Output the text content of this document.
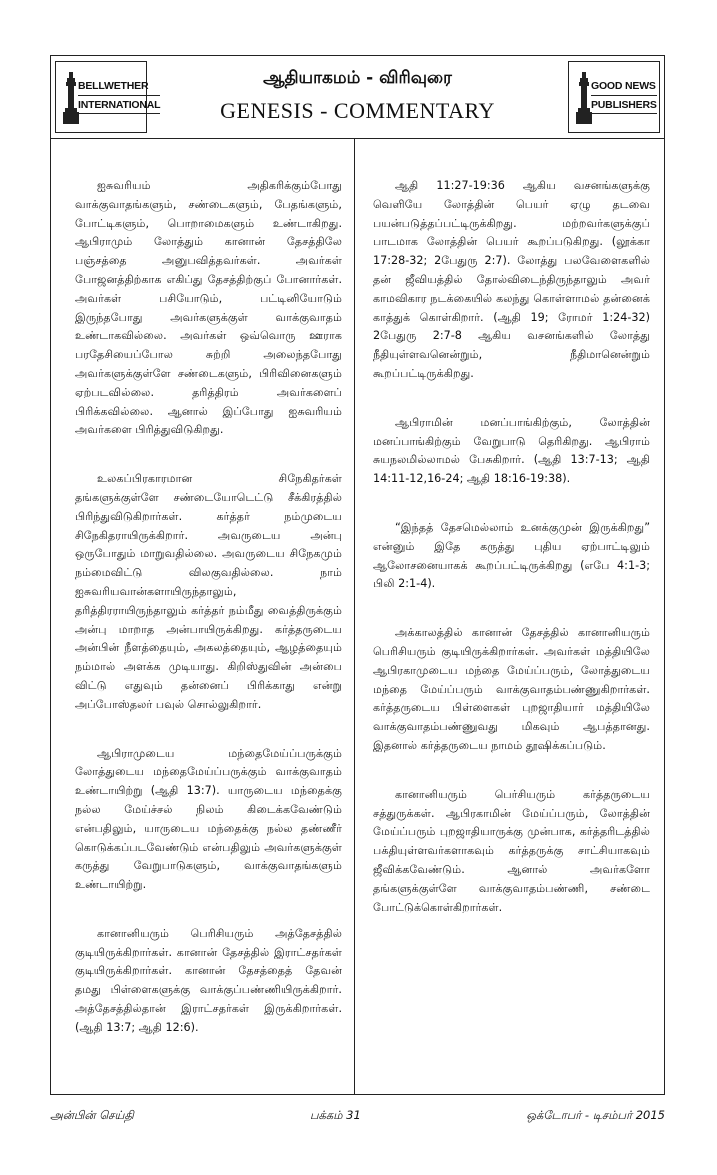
BELLWETHER
INTERNATIONAL
ஆதியாகமம் - விரிவுரை
GENESIS - COMMENTARY
GOOD NEWS
PUBLISHERS

ஐசுவரியம் அதிகரிக்கும்போது வாக்குவாதங்களும், சண்டைகளும், பேதங்களும், போட்டிகளும், பொறாமைகளும் உண்டாகிறது. ஆபிராமும் லோத்தும் கானான் தேசத்திலே பஞ்சத்தை அனுபவித்தவர்கள். அவர்கள் போஜனத்திற்காக எகிப்து தேசத்திற்குப் போனார்கள். அவர்கள் பசியோடும், பட்டினியோடும் இருந்தபோது அவர்களுக்குள் வாக்குவாதம் உண்டாகவில்லை. அவர்கள் ஒவ்வொரு ஊராக பரதேசியைப்போல சுற்றி அலைந்தபோது அவர்களுக்குள்ளே சண்டைகளும், பிரிவினைகளும் ஏற்படவில்லை. தரித்திரம் அவர்களைப் பிரிக்கவில்லை. ஆனால் இப்போது ஐசுவரியம் அவர்களை பிரித்துவிடுகிறது.

உலகப்பிரகாரமான சிநேகிதர்கள் தங்களுக்குள்ளே சண்டையோடெட்டு சீக்கிரத்தில் பிரிந்துவிடுகிறார்கள். கர்த்தர் நம்முடைய சிநேகிதராயிருக்கிறார். அவருடைய அன்பு ஒருபோதும் மாறுவதில்லை. அவருடைய சிநேகமும் நம்மைவிட்டு விலகுவதில்லை. நாம் ஐசுவரியவான்களாயிருந்தாலும், தரித்திரராயிருந்தாலும் கர்த்தர் நம்மீது வைத்திருக்கும் அன்பு மாறாத அன்பாயிருக்கிறது. கர்த்தருடைய அன்பின் நீளத்தையும், அகலத்தையும், ஆழத்தையும் நம்மால் அளக்க முடியாது. கிறிஸ்துவின் அன்பை விட்டு எதுவும் தன்னைப் பிரிக்காது என்று அப்போஸ்தலர் பவுல் சொல்லுகிறார்.

ஆபிராமுடைய மந்தைமேய்ப்பருக்கும் லோத்துடைய மந்தைமேய்ப்பருக்கும் வாக்குவாதம் உண்டாயிற்று (ஆதி 13:7). யாருடைய மந்தைக்கு நல்ல மேய்ச்சல் நிலம் கிடைக்கவேண்டும் என்பதிலும், யாருடைய மந்தைக்கு நல்ல தண்ணீர் கொடுக்கப்படவேண்டும் என்பதிலும் அவர்களுக்குள் கருத்து வேறுபாடுகளும், வாக்குவாதங்களும் உண்டாயிற்று.

கானானியரும் பெரிசியரும் அத்தேசத்தில் குடியிருக்கிறார்கள். கானான் தேசத்தில் இராட்சதர்கள் குடியிருக்கிறார்கள். கானான் தேசத்தைத் தேவன் தமது பிள்ளைகளுக்கு வாக்குப்பண்ணியிருக்கிறார். அத்தேசத்தில்தான் இராட்சதர்கள் இருக்கிறார்கள். (ஆதி 13:7; ஆதி 12:6).

ஆதி 11:27-19:36 ஆகிய வசனங்களுக்கு வெளியே லோத்தின் பெயர் ஏழு தடவை பயன்படுத்தப்பட்டிருக்கிறது. மற்றவர்களுக்குப் பாடமாக லோத்தின் பெயர் கூறப்படுகிறது. (லூக்கா 17:28-32; 2பேதுரு 2:7). லோத்து பலவேளைகளில் தன் ஜீவியத்தில் தோல்விடைந்திருந்தாலும் அவர் காமவிகார நடக்கையில் கலந்து கொள்ளாமல் தன்னைக் காத்துக் கொள்கிறார். (ஆதி 19; ரோமர் 1:24-32) 2பேதுரு 2:7-8 ஆகிய வசனங்களில் லோத்து நீதியுள்ளவனென்றும், நீதிமானென்றும் கூறப்பட்டிருக்கிறது.

ஆபிராமின் மனப்பாங்கிற்கும், லோத்தின் மனப்பாங்கிற்கும் வேறுபாடு தெரிகிறது. ஆபிராம் சுயநலமில்லாமல் பேசுகிறார். (ஆதி 13:7-13; ஆதி 14:11-12,16-24; ஆதி 18:16-19:38).

“இந்தத் தேசமெல்லாம் உனக்குமுன் இருக்கிறது” என்னும் இதே கருத்து புதிய ஏற்பாட்டிலும் ஆலோசனையாகக் கூறப்பட்டிருக்கிறது (எபே 4:1-3; பிலி 2:1-4).

அக்காலத்தில் கானான் தேசத்தில் கானானியரும் பெரிசியரும் குடியிருக்கிறார்கள். அவர்கள் மத்தியிலே ஆபிரகாமுடைய மந்தை மேய்ப்பரும், லோத்துடைய மந்தை மேய்ப்பரும் வாக்குவாதம்பண்ணுகிறார்கள். கர்த்தருடைய பிள்ளைகள் புறஜாதியார் மத்தியிலே வாக்குவாதம்பண்ணுவது மிகவும் ஆபத்தானது. இதனால் கர்த்தருடைய நாமம் தூஷிக்கப்படும்.

கானானியரும் பெர்சியரும் கர்த்தருடைய சத்துருக்கள். ஆபிரகாமின் மேய்ப்பரும், லோத்தின் மேய்ப்பரும் புறஜாதியாருக்கு முன்பாக, கர்த்தரிடத்தில் பக்தியுள்ளவர்களாகவும் கர்த்தருக்கு சாட்சியாகவும் ஜீவிக்கவேண்டும். ஆனால் அவர்களோ தங்களுக்குள்ளே வாக்குவாதம்பண்ணி, சண்டை போட்டுக்கொள்கிறார்கள்.

அன்பின் செய்தி	பக்கம் 31	ஒக்டோபர் - டிசம்பர் 2015
